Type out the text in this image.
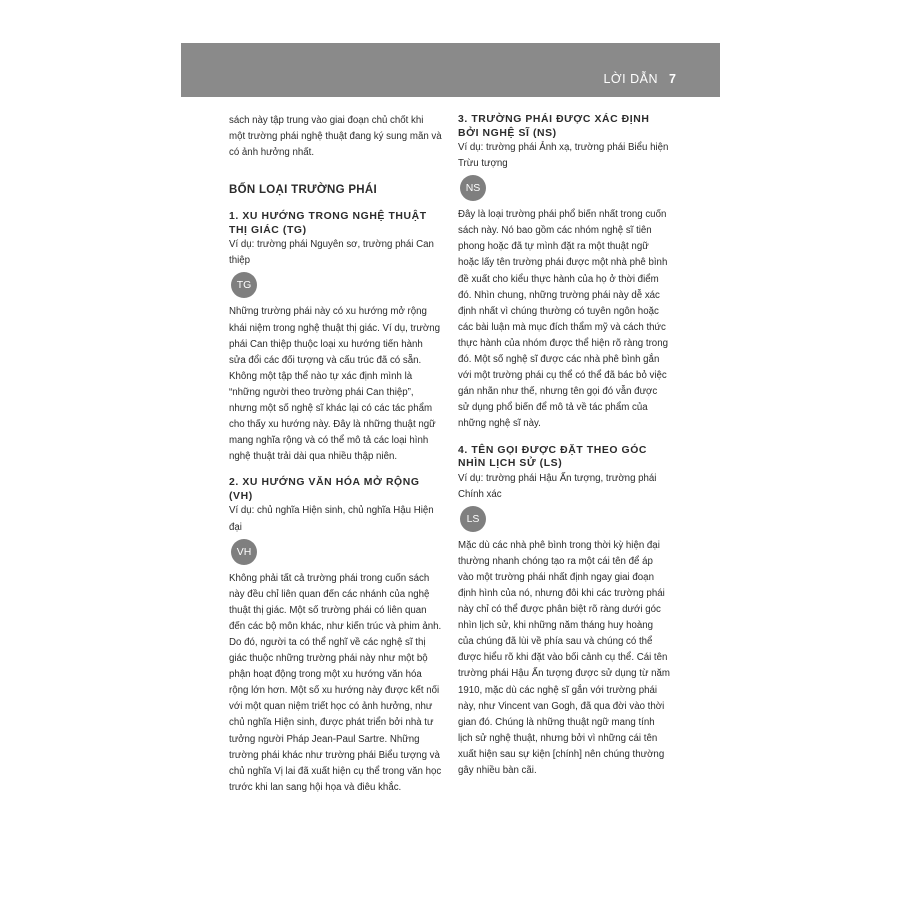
LỜI DẪN 7

sách này tập trung vào giai đoạn chủ chốt khi một trường phái nghệ thuật đang ký sung mãn và có ảnh hưởng nhất.

BỐN LOẠI TRƯỜNG PHÁI
1. XU HƯỚNG TRONG NGHỆ THUẬT THỊ GIÁC (TG)

Ví dụ: trường phái Nguyên sơ, trường phái Can thiệp

TG

Những trường phái này có xu hướng mở rộng khái niệm trong nghệ thuật thị giác. Ví dụ, trường phái Can thiệp thuộc loại xu hướng tiến hành sửa đổi các đối tượng và cấu trúc đã có sẵn. Không một tập thể nào tự xác định mình là “những người theo trường phái Can thiệp”, nhưng một số nghệ sĩ khác lại có các tác phẩm cho thấy xu hướng này. Đây là những thuật ngữ mang nghĩa rộng và có thể mô tả các loại hình nghệ thuật trải dài qua nhiều thập niên.

2. XU HƯỚNG VĂN HÓA MỞ RỘNG (VH)

Ví dụ: chủ nghĩa Hiện sinh, chủ nghĩa Hậu Hiện đại

VH

Không phải tất cả trường phái trong cuốn sách này đều chỉ liên quan đến các nhánh của nghệ thuật thị giác. Một số trường phái có liên quan đến các bộ môn khác, như kiến trúc và phim ảnh. Do đó, người ta có thể nghĩ về các nghệ sĩ thị giác thuộc những trường phái này như một bộ phận hoạt động trong một xu hướng văn hóa rộng lớn hơn. Một số xu hướng này được kết nối với một quan niệm triết học có ảnh hưởng, như chủ nghĩa Hiện sinh, được phát triển bởi nhà tư tưởng người Pháp Jean-Paul Sartre. Những trường phái khác như trường phái Biểu tượng và chủ nghĩa Vị lai đã xuất hiện cụ thể trong văn học trước khi lan sang hội họa và điêu khắc.

3. TRƯỜNG PHÁI ĐƯỢC XÁC ĐỊNH BỞI NGHỆ SĨ (NS)

Ví dụ: trường phái Ảnh xạ, trường phái Biểu hiện Trừu tượng

NS

Đây là loại trường phái phổ biến nhất trong cuốn sách này. Nó bao gồm các nhóm nghệ sĩ tiên phong hoặc đã tự mình đặt ra một thuật ngữ hoặc lấy tên trường phái được một nhà phê bình đề xuất cho kiểu thực hành của họ ở thời điểm đó. Nhìn chung, những trường phái này dễ xác định nhất vì chúng thường có tuyên ngôn hoặc các bài luận mà mục đích thẩm mỹ và cách thức thực hành của nhóm được thể hiện rõ ràng trong đó. Một số nghệ sĩ được các nhà phê bình gắn với một trường phái cụ thể có thể đã bác bỏ việc gán nhãn như thế, nhưng tên gọi đó vẫn được sử dụng phổ biến để mô tả về tác phẩm của những nghệ sĩ này.

4. TÊN GỌI ĐƯỢC ĐẶT THEO GÓC NHÌN LỊCH SỬ (LS)

Ví dụ: trường phái Hậu Ấn tượng, trường phái Chính xác

LS

Mặc dù các nhà phê bình trong thời kỳ hiện đại thường nhanh chóng tạo ra một cái tên để áp vào một trường phái nhất định ngay giai đoạn định hình của nó, nhưng đôi khi các trường phái này chỉ có thể được phân biệt rõ ràng dưới góc nhìn lịch sử, khi những năm tháng huy hoàng của chúng đã lùi về phía sau và chúng có thể được hiểu rõ khi đặt vào bối cảnh cụ thể. Cái tên trường phái Hậu Ấn tượng được sử dụng từ năm 1910, mặc dù các nghệ sĩ gắn với trường phái này, như Vincent van Gogh, đã qua đời vào thời gian đó. Chúng là những thuật ngữ mang tính lịch sử nghệ thuật, nhưng bởi vì những cái tên xuất hiện sau sự kiện [chính] nên chúng thường gây nhiều bàn cãi.
